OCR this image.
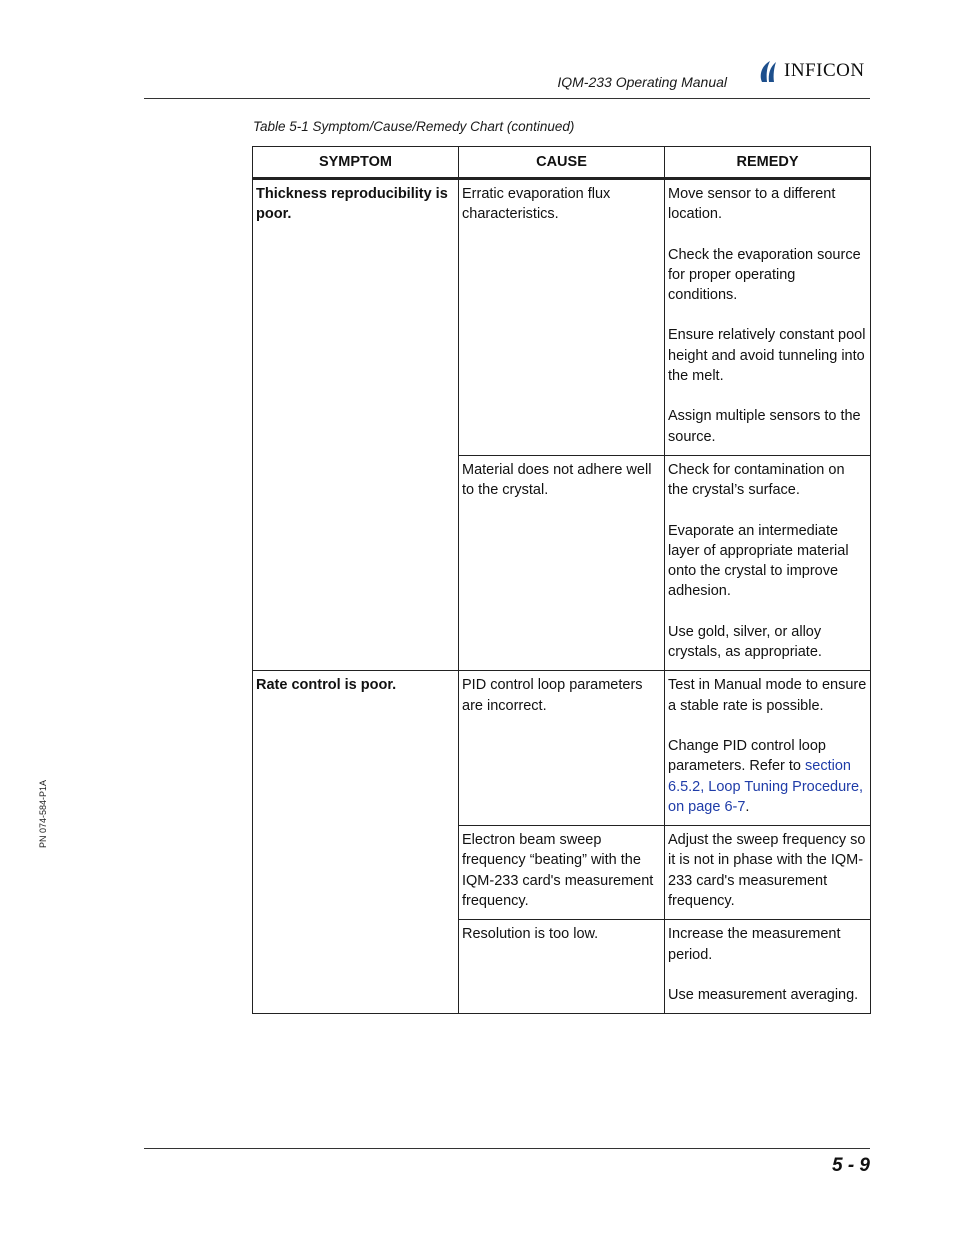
IQM-233 Operating Manual
INFICON
Table 5-1 Symptom/Cause/Remedy Chart (continued)
SYMPTOM	CAUSE	REMEDY
Thickness reproducibility is poor.	Erratic evaporation flux characteristics.	Move sensor to a different location.

Check the evaporation source for proper operating conditions.

Ensure relatively constant pool height and avoid tunneling into the melt.

Assign multiple sensors to the source.

	Material does not adhere well to the crystal.	Check for contamination on the crystal’s surface.

Evaporate an intermediate layer of appropriate material onto the crystal to improve adhesion.

Use gold, silver, or alloy crystals, as appropriate.

Rate control is poor.	PID control loop parameters are incorrect.	Test in Manual mode to ensure a stable rate is possible.

Change PID control loop parameters. Refer to section 6.5.2, Loop Tuning Procedure, on page 6-7.

	Electron beam sweep frequency “beating” with the IQM-233 card's measurement frequency.	Adjust the sweep frequency so it is not in phase with the IQM-233 card's measurement frequency.

	Resolution is too low.	Increase the measurement period.

Use measurement averaging.

PN 074-584-P1A
5 - 9
